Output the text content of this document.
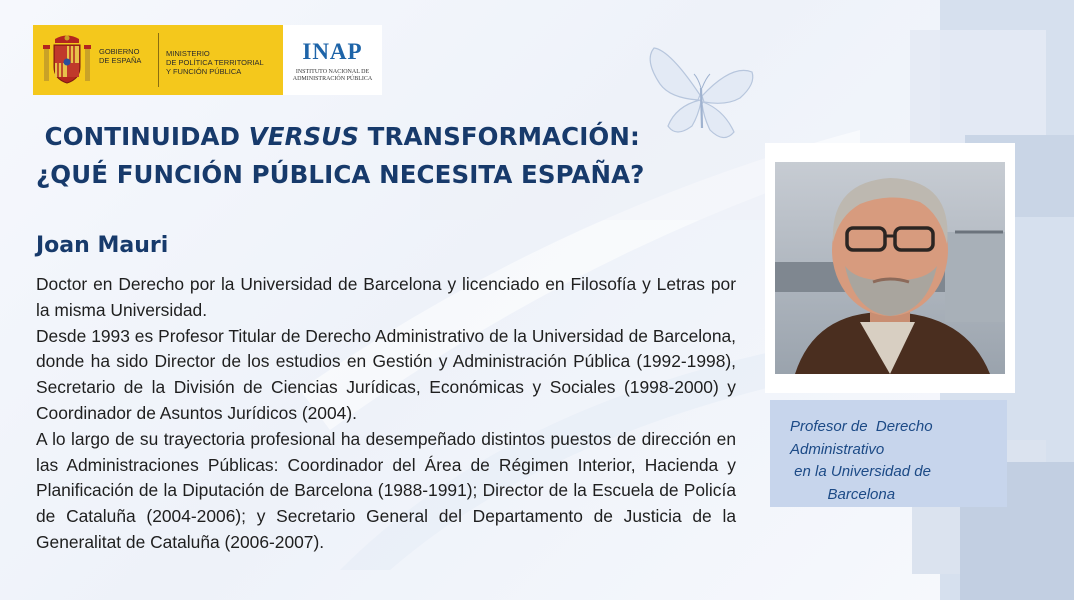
GOBIERNO
DE ESPAÑA
MINISTERIO
DE POLÍTICA TERRITORIAL
Y FUNCIÓN PÚBLICA
INAP
INSTITUTO NACIONAL DE
ADMINISTRACIÓN PÚBLICA
CONTINUIDAD VERSUS TRANSFORMACIÓN:
¿QUÉ FUNCIÓN PÚBLICA NECESITA ESPAÑA?
Joan Mauri

Doctor en Derecho por la Universidad de Barcelona y licenciado en Filosofía y Letras por la misma Universidad.

Desde 1993 es Profesor Titular de Derecho Administrativo de la Universidad de Barcelona, donde ha sido Director de los estudios en Gestión y Administración Pública (1992-1998), Secretario de la División de Ciencias Jurídicas, Económicas y Sociales (1998-2000) y Coordinador de Asuntos Jurídicos (2004).

A lo largo de su trayectoria profesional ha desempeñado distintos puestos de dirección en las Administraciones Públicas: Coordinador del Área de Régimen Interior, Hacienda y Planificación de la Diputación de Barcelona (1988-1991); Director de la Escuela de Policía de Cataluña (2004-2006); y Secretario General del Departamento de Justicia de la Generalitat de Cataluña (2006-2007).

Profesor de  Derecho
Administrativo
en la Universidad de
Barcelona
